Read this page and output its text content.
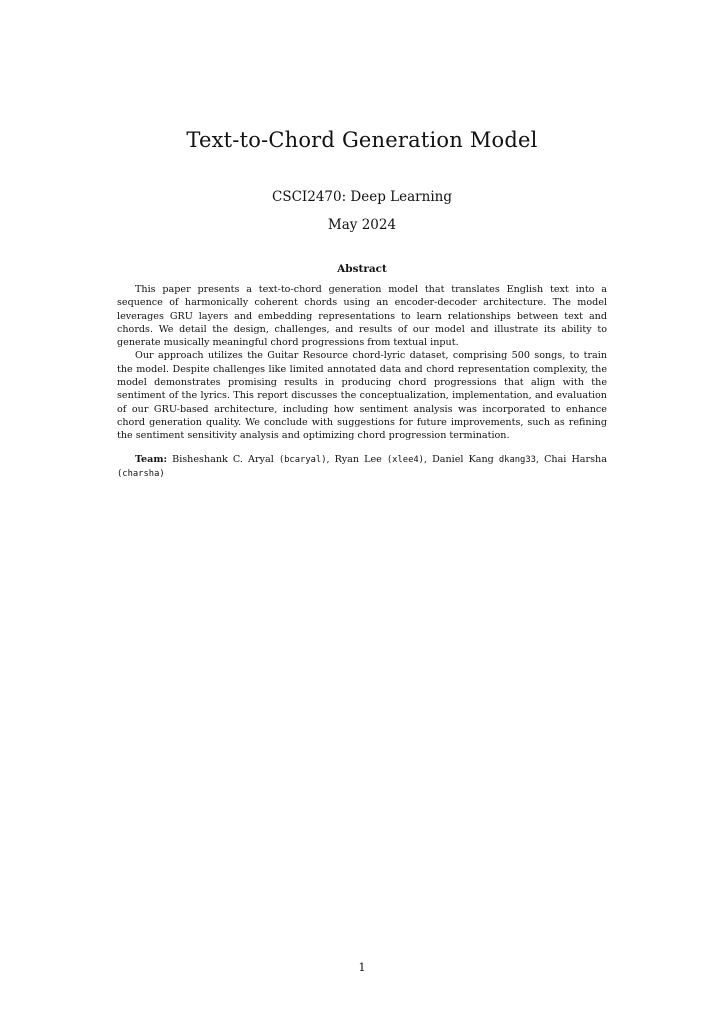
Text-to-Chord Generation Model
CSCI2470: Deep Learning
May 2024
Abstract

This paper presents a text-to-chord generation model that translates English text into a sequence of harmonically coherent chords using an encoder-decoder architecture. The model leverages GRU layers and embedding representations to learn relationships between text and chords. We detail the design, challenges, and results of our model and illustrate its ability to generate musically meaningful chord progressions from textual input.

Our approach utilizes the Guitar Resource chord-lyric dataset, comprising 500 songs, to train the model. Despite challenges like limited annotated data and chord representation complexity, the model demonstrates promising results in producing chord progressions that align with the sentiment of the lyrics. This report discusses the conceptualization, implementation, and evaluation of our GRU-based architecture, including how sentiment analysis was incorporated to enhance chord generation quality. We conclude with suggestions for future improvements, such as refining the sentiment sensitivity analysis and optimizing chord progression termination.

Team: Bisheshank C. Aryal (bcaryal), Ryan Lee (xlee4), Daniel Kang dkang33, Chai Harsha (charsha)

1
